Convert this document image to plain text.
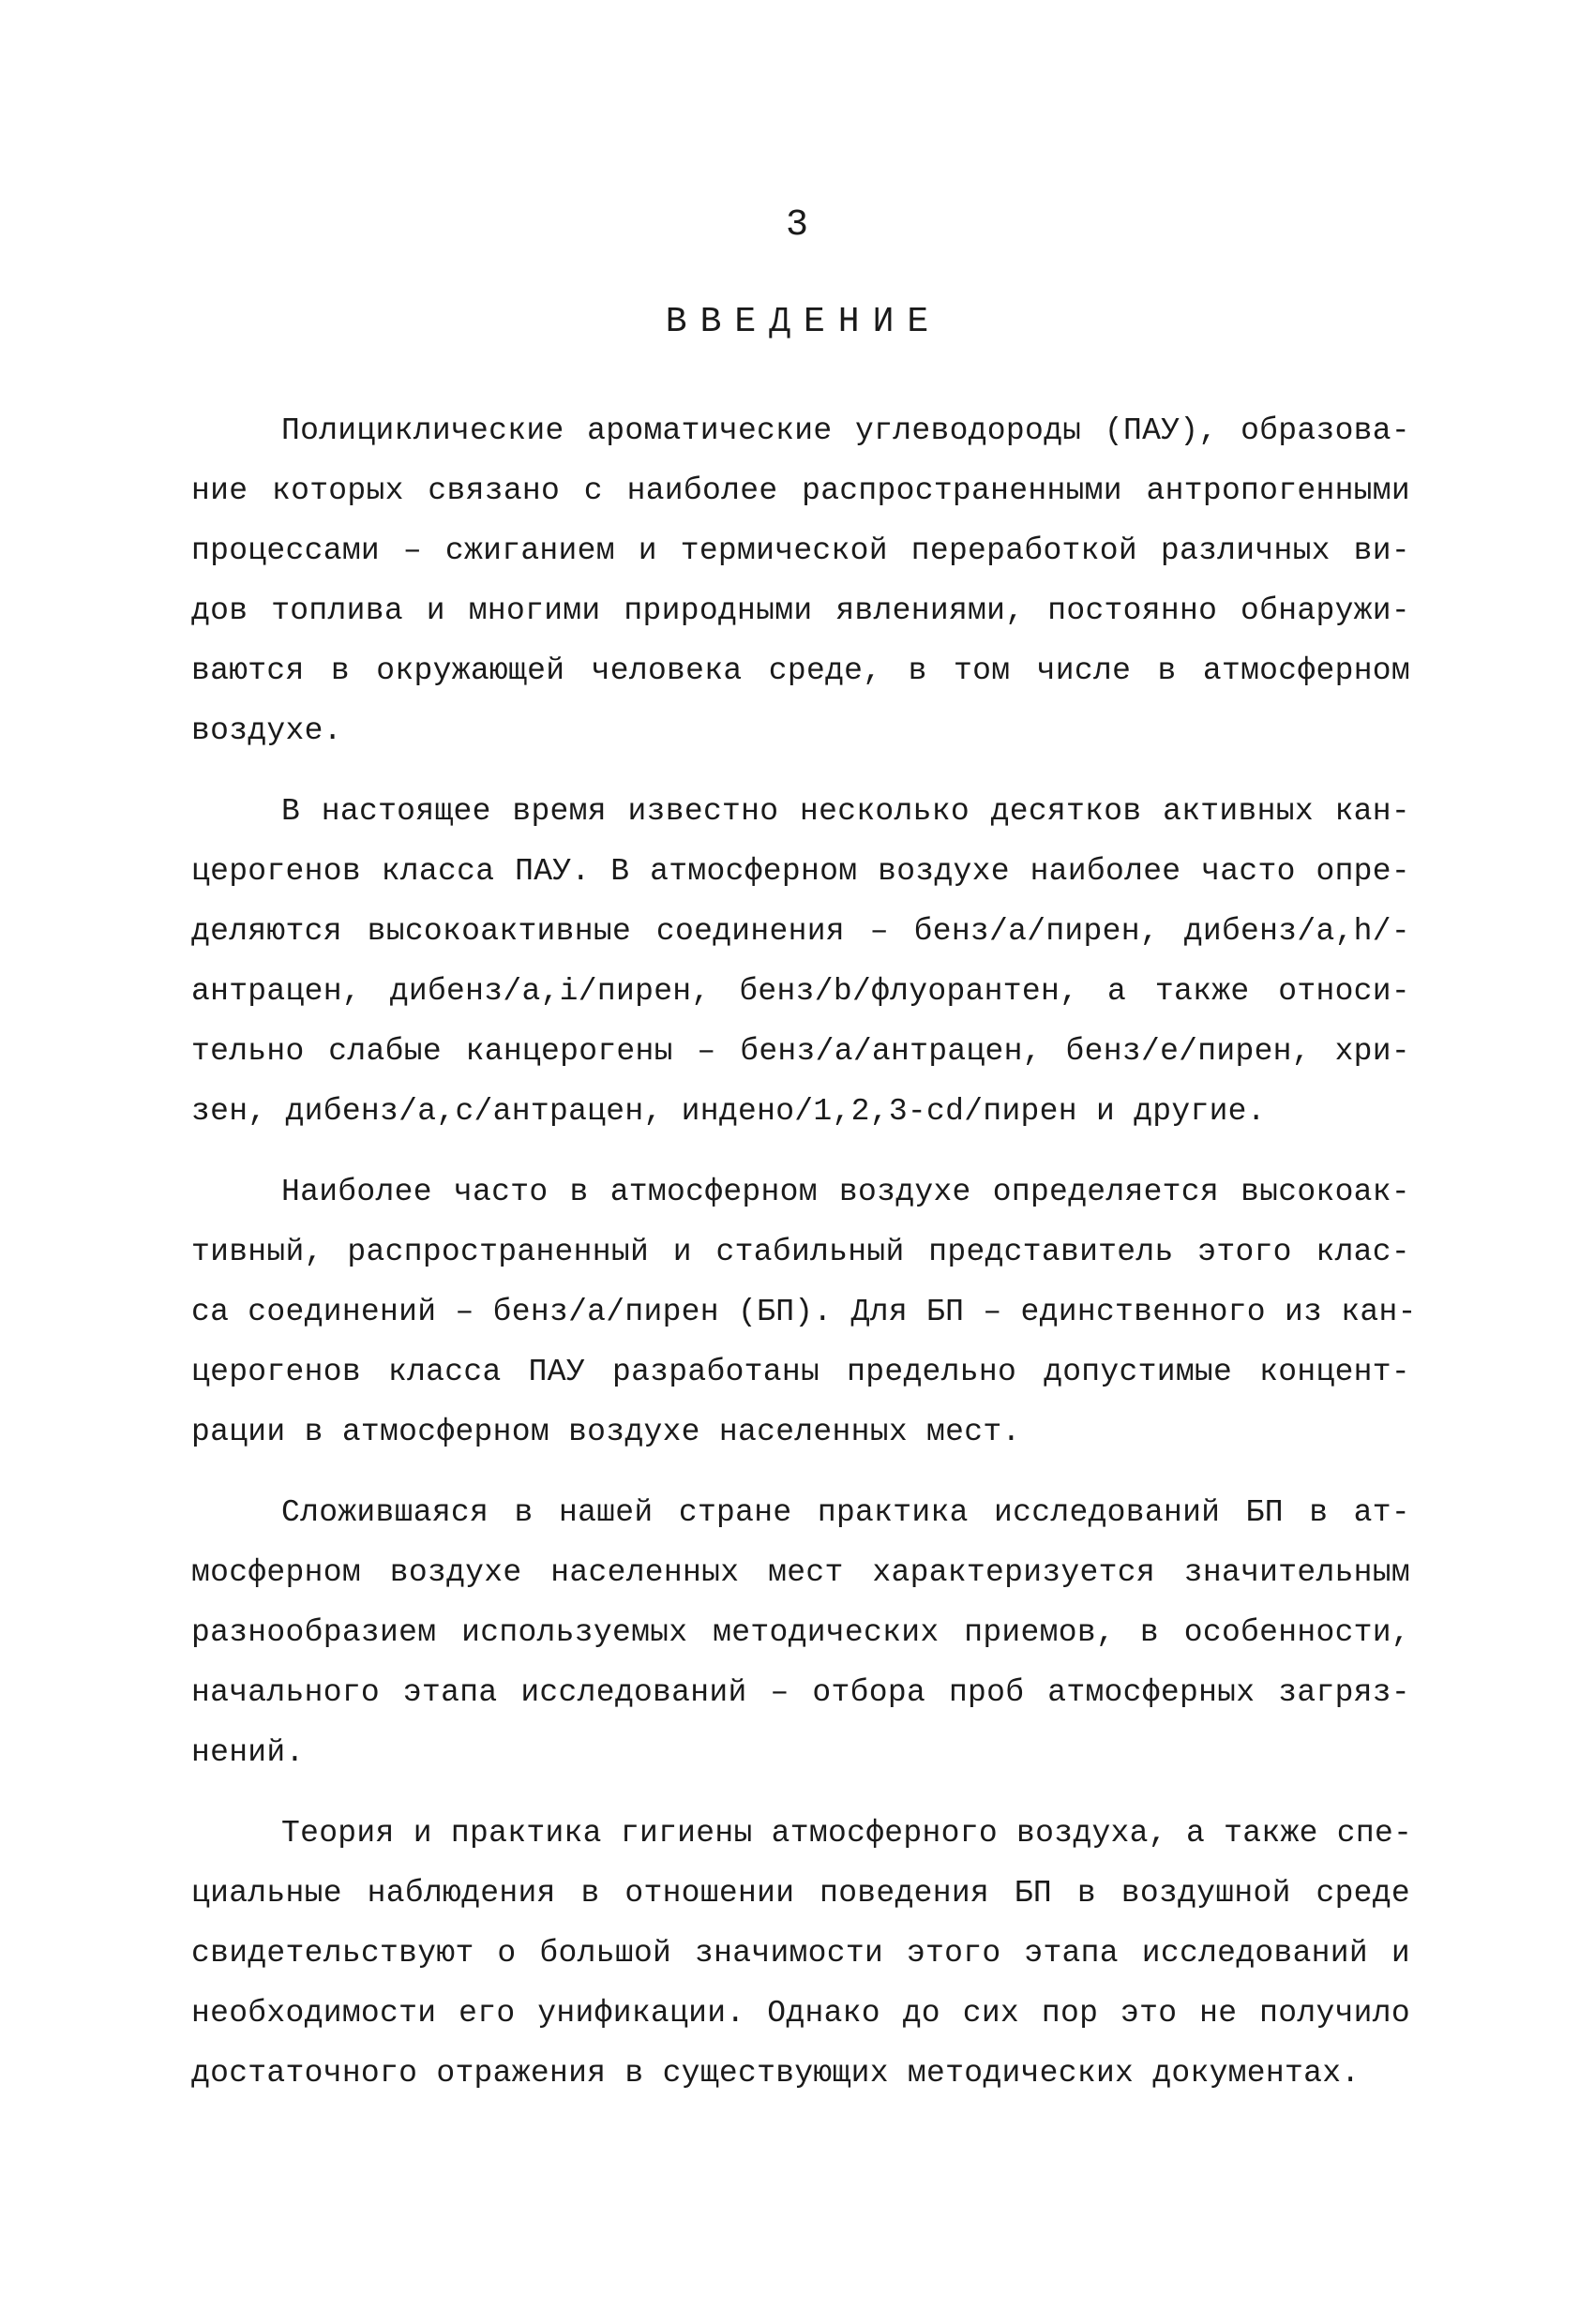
3
ВВЕДЕНИЕ
Полициклические ароматические углеводороды (ПАУ), образова-
ние которых связано с наиболее распространенными антропогенными
процессами – сжиганием и термической переработкой различных ви-
дов топлива и многими природными явлениями, постоянно обнаружи-
ваются в окружающей человека среде, в том числе в атмосферном
воздухе.
В настоящее время известно несколько десятков активных кан-
церогенов класса ПАУ. В атмосферном воздухе наиболее часто опре-
деляются высокоактивные соединения – бенз/а/пирен, дибенз/а,h/-
антрацен, дибенз/а,i/пирен, бенз/b/флуорантен, а также относи-
тельно слабые канцерогены – бенз/а/антрацен, бенз/е/пирен, хри-
зен, дибенз/а,с/антрацен, инденo/1,2,3-cd/пирен и другие.
Наиболее часто в атмосферном воздухе определяется высокоак-
тивный, распространенный и стабильный представитель этого клас-
са соединений – бенз/а/пирен (БП). Для БП – единственного из кан-
церогенов класса ПАУ разработаны предельно допустимые концент-
рации в атмосферном воздухе населенных мест.
Сложившаяся в нашей стране практика исследований БП в ат-
мосферном воздухе населенных мест характеризуется значительным
разнообразием используемых методических приемов, в особенности,
начального этапа исследований – отбора проб атмосферных загряз-
нений.
Теория и практика гигиены атмосферного воздуха, а также спе-
циальные наблюдения в отношении поведения БП в воздушной среде
свидетельствуют о большой значимости этого этапа исследований и
необходимости его унификации. Однако до сих пор это не получило
достаточного отражения в существующих методических документах.
